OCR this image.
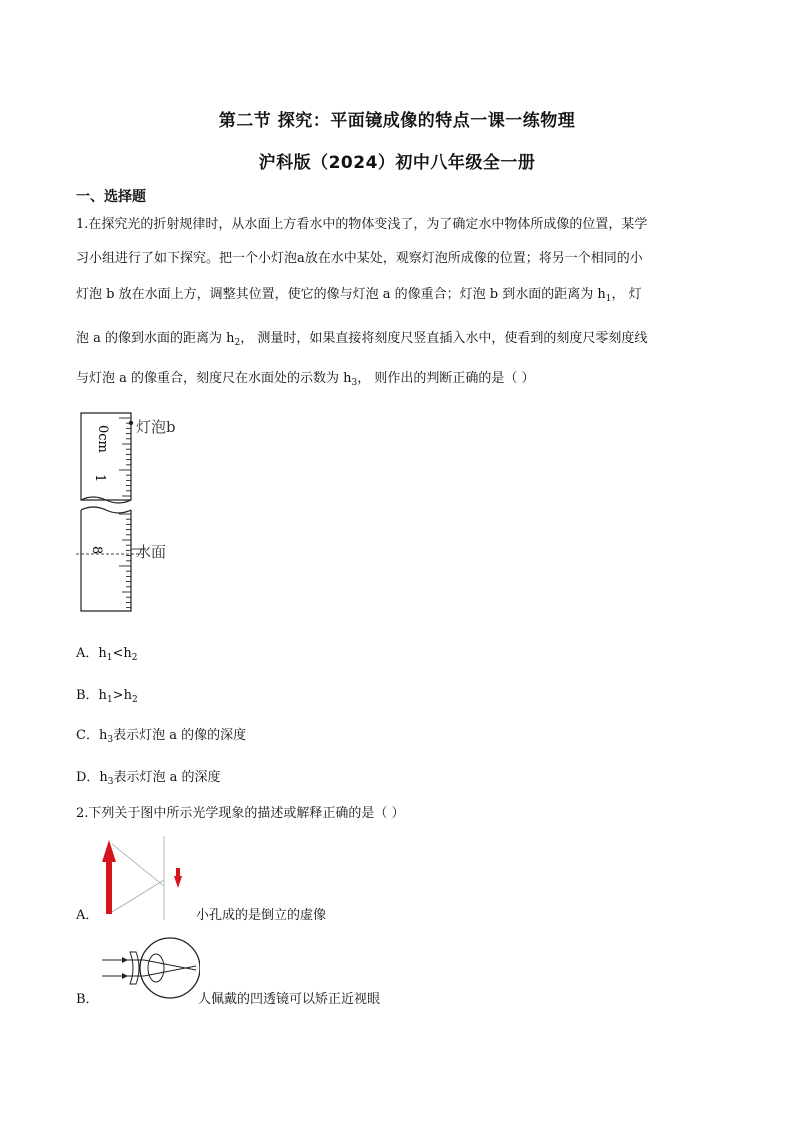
第二节 探究：平面镜成像的特点一课一练物理
沪科版（2024）初中八年级全一册
一、选择题
1.在探究光的折射规律时，从水面上方看水中的物体变浅了，为了确定水中物体所成像的位置，某学
习小组进行了如下探究。把一个小灯泡a放在水中某处，观察灯泡所成像的位置；将另一个相同的小
灯泡 b 放在水面上方，调整其位置，使它的像与灯泡 a 的像重合；灯泡 b 到水面的距离为 $h_1$， 灯
泡 a 的像到水面的距离为 $h_2$， 测量时，如果直接将刻度尺竖直插入水中，使看到的刻度尺零刻度线
与灯泡 a 的像重合，刻度尺在水面处的示数为 $h_3$， 则作出的判断正确的是（ ）
0cm
1
8
灯泡b
水面
A．$h_1<h_2$
B．$h_1>h_2$
C．$h_3$表示灯泡 a 的像的深度
D．$h_3$表示灯泡 a 的深度
2.下列关于图中所示光学现象的描述或解释正确的是（ ）
A．	小孔成的是倒立的虚像
B．	人佩戴的凹透镜可以矫正近视眼
